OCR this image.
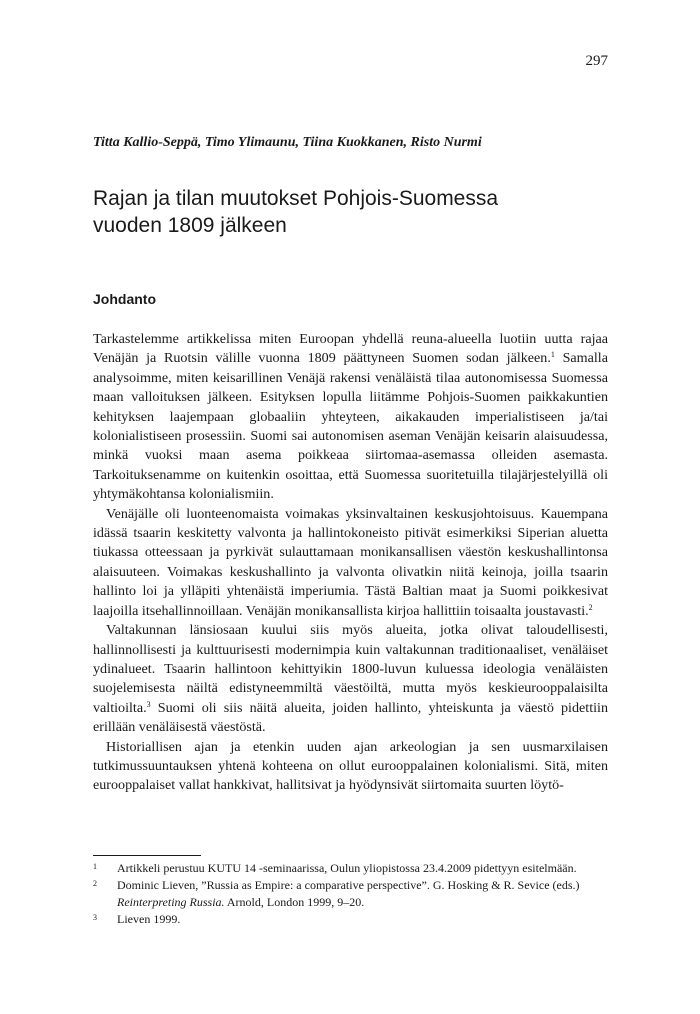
297
Titta Kallio-Seppä, Timo Ylimaunu, Tiina Kuokkanen, Risto Nurmi
Rajan ja tilan muutokset Pohjois-Suomessa
vuoden 1809 jälkeen
Johdanto

Tarkastelemme artikkelissa miten Euroopan yhdellä reuna-alueella luotiin uutta rajaa Venäjän ja Ruotsin välille vuonna 1809 päättyneen Suomen sodan jälkeen.$^1$ Samalla analysoimme, miten keisarillinen Venäjä rakensi venäläistä tilaa autonomisessa Suomessa maan valloituksen jälkeen. Esityksen lopulla liitämme Pohjois-Suomen paikkakuntien kehityksen laajempaan globaaliin yhteyteen, aikakauden imperialistiseen ja/tai kolonialistiseen prosessiin. Suomi sai autonomisen aseman Venäjän keisarin alaisuudessa, minkä vuoksi maan asema poikkeaa siirtomaa-asemassa olleiden asemasta. Tarkoituksenamme on kuitenkin osoittaa, että Suomessa suoritetuilla tilajärjestelyillä oli yhtymäkohtansa kolonialismiin.

Venäjälle oli luonteenomaista voimakas yksinvaltainen keskusjohtoisuus. Kauempana idässä tsaarin keskitetty valvonta ja hallintokoneisto pitivät esimerkiksi Siperian aluetta tiukassa otteessaan ja pyrkivät sulauttamaan monikansallisen väestön keskushallintonsa alaisuuteen. Voimakas keskushallinto ja valvonta olivatkin niitä keinoja, joilla tsaarin hallinto loi ja ylläpiti yhtenäistä imperiumia. Tästä Baltian maat ja Suomi poikkesivat laajoilla itsehallinnoillaan. Venäjän monikansallista kirjoa hallittiin toisaalta joustavasti.$^2$

Valtakunnan länsiosaan kuului siis myös alueita, jotka olivat taloudellisesti, hallinnollisesti ja kulttuurisesti modernimpia kuin valtakunnan traditionaaliset, venäläiset ydinalueet. Tsaarin hallintoon kehittyikin 1800-luvun kuluessa ideologia venäläisten suojelemisesta näiltä edistyneemmiltä väestöiltä, mutta myös keskieurooppalaisilta valtioilta.$^3$ Suomi oli siis näitä alueita, joiden hallinto, yhteiskunta ja väestö pidettiin erillään venäläisestä väestöstä.

Historiallisen ajan ja etenkin uuden ajan arkeologian ja sen uusmarxilaisen tutkimussuuntauksen yhtenä kohteena on ollut eurooppalainen kolonialismi. Sitä, miten eurooppalaiset vallat hankkivat, hallitsivat ja hyödynsivät siirtomaita suurten löytö-

1 Artikkeli perustuu KUTU 14 -seminaarissa, Oulun yliopistossa 23.4.2009 pidettyyn esitelmään.
2 Dominic Lieven, ”Russia as Empire: a comparative perspective”. G. Hosking & R. Sevice (eds.)
Reinterpreting Russia. Arnold, London 1999, 9–20.
3 Lieven 1999.
